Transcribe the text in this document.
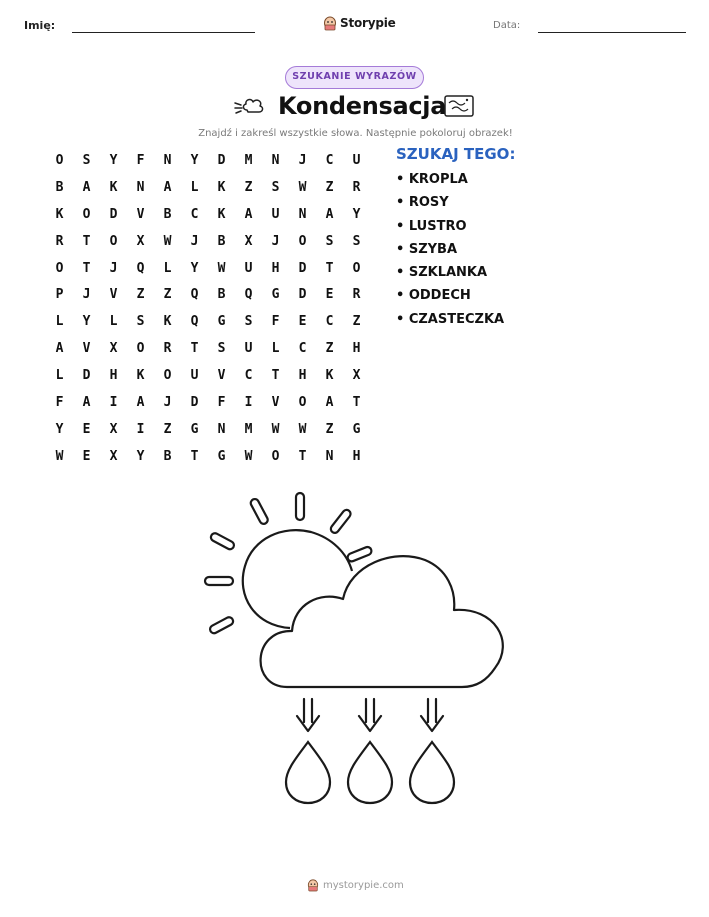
Imię:	Storypie	Data:
SZUKANIE WYRAZÓW
Kondensacja
Znajdź i zakreśl wszystkie słowa. Następnie pokoloruj obrazek!
O	S	Y	F	N	Y	D	M	N	J	C	U
B	A	K	N	A	L	K	Z	S	W	Z	R
K	O	D	V	B	C	K	A	U	N	A	Y
R	T	O	X	W	J	B	X	J	O	S	S
O	T	J	Q	L	Y	W	U	H	D	T	O
P	J	V	Z	Z	Q	B	Q	G	D	E	R
L	Y	L	S	K	Q	G	S	F	E	C	Z
A	V	X	O	R	T	S	U	L	C	Z	H
L	D	H	K	O	U	V	C	T	H	K	X
F	A	I	A	J	D	F	I	V	O	A	T
Y	E	X	I	Z	G	N	M	W	W	Z	G
W	E	X	Y	B	T	G	W	O	T	N	H
SZUKAJ TEGO:
• KROPLA
• ROSY
• LUSTRO
• SZYBA
• SZKLANKA
• ODDECH
• CZASTECZKA
mystorypie.com
